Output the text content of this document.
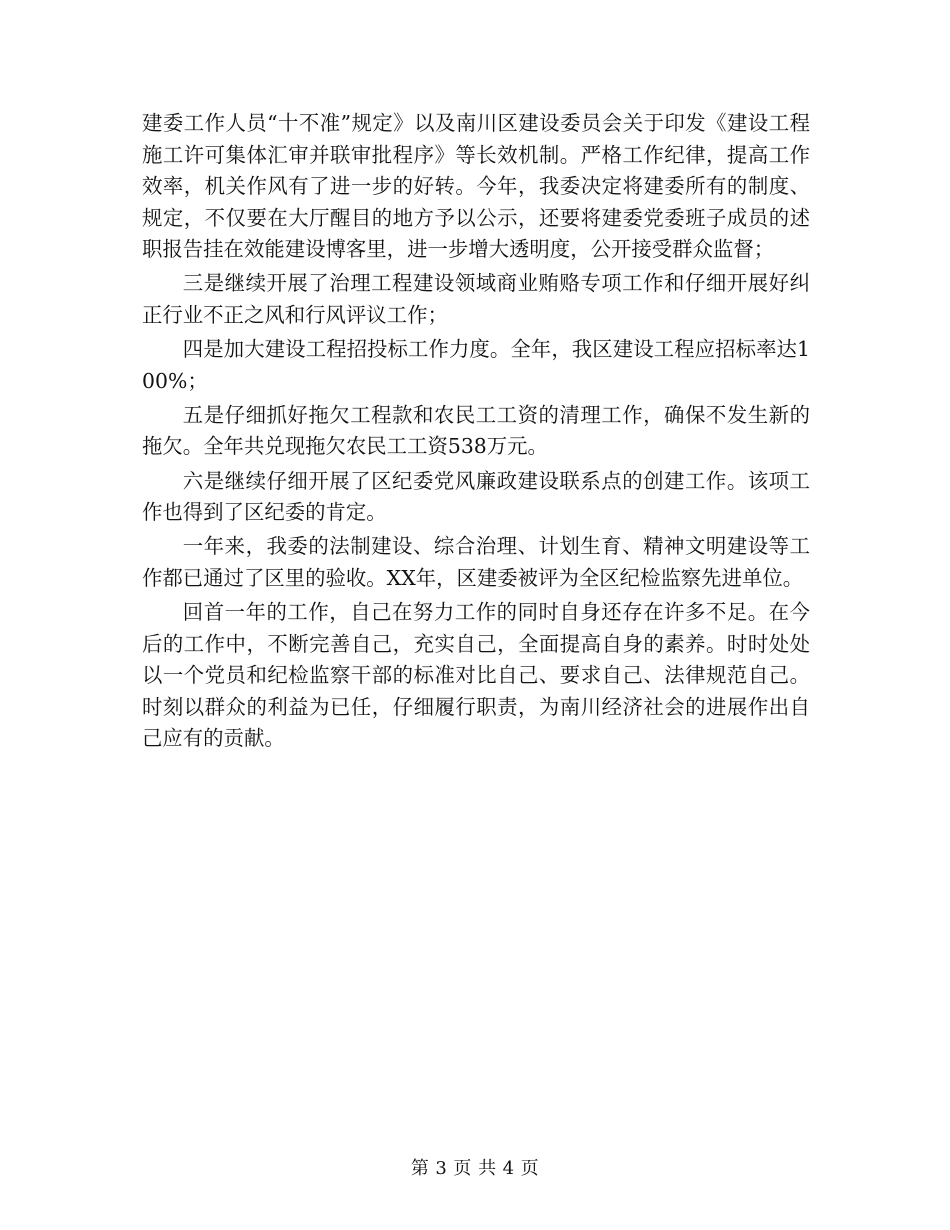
建委工作人员“十不准”规定》以及南川区建设委员会关于印发《建设工程施工许可集体汇审并联审批程序》等长效机制。严格工作纪律，提高工作效率，机关作风有了进一步的好转。今年，我委决定将建委所有的制度、规定，不仅要在大厅醒目的地方予以公示，还要将建委党委班子成员的述职报告挂在效能建设博客里，进一步增大透明度，公开接受群众监督；

三是继续开展了治理工程建设领域商业贿赂专项工作和仔细开展好纠正行业不正之风和行风评议工作；

四是加大建设工程招投标工作力度。全年，我区建设工程应招标率达100%；

五是仔细抓好拖欠工程款和农民工工资的清理工作，确保不发生新的拖欠。全年共兑现拖欠农民工工资538万元。

六是继续仔细开展了区纪委党风廉政建设联系点的创建工作。该项工作也得到了区纪委的肯定。

一年来，我委的法制建设、综合治理、计划生育、精神文明建设等工作都已通过了区里的验收。XX年，区建委被评为全区纪检监察先进单位。

回首一年的工作，自己在努力工作的同时自身还存在许多不足。在今后的工作中，不断完善自己，充实自己，全面提高自身的素养。时时处处以一个党员和纪检监察干部的标准对比自己、要求自己、法律规范自己。时刻以群众的利益为已任，仔细履行职责，为南川经济社会的进展作出自己应有的贡献。

第 3 页 共 4 页
